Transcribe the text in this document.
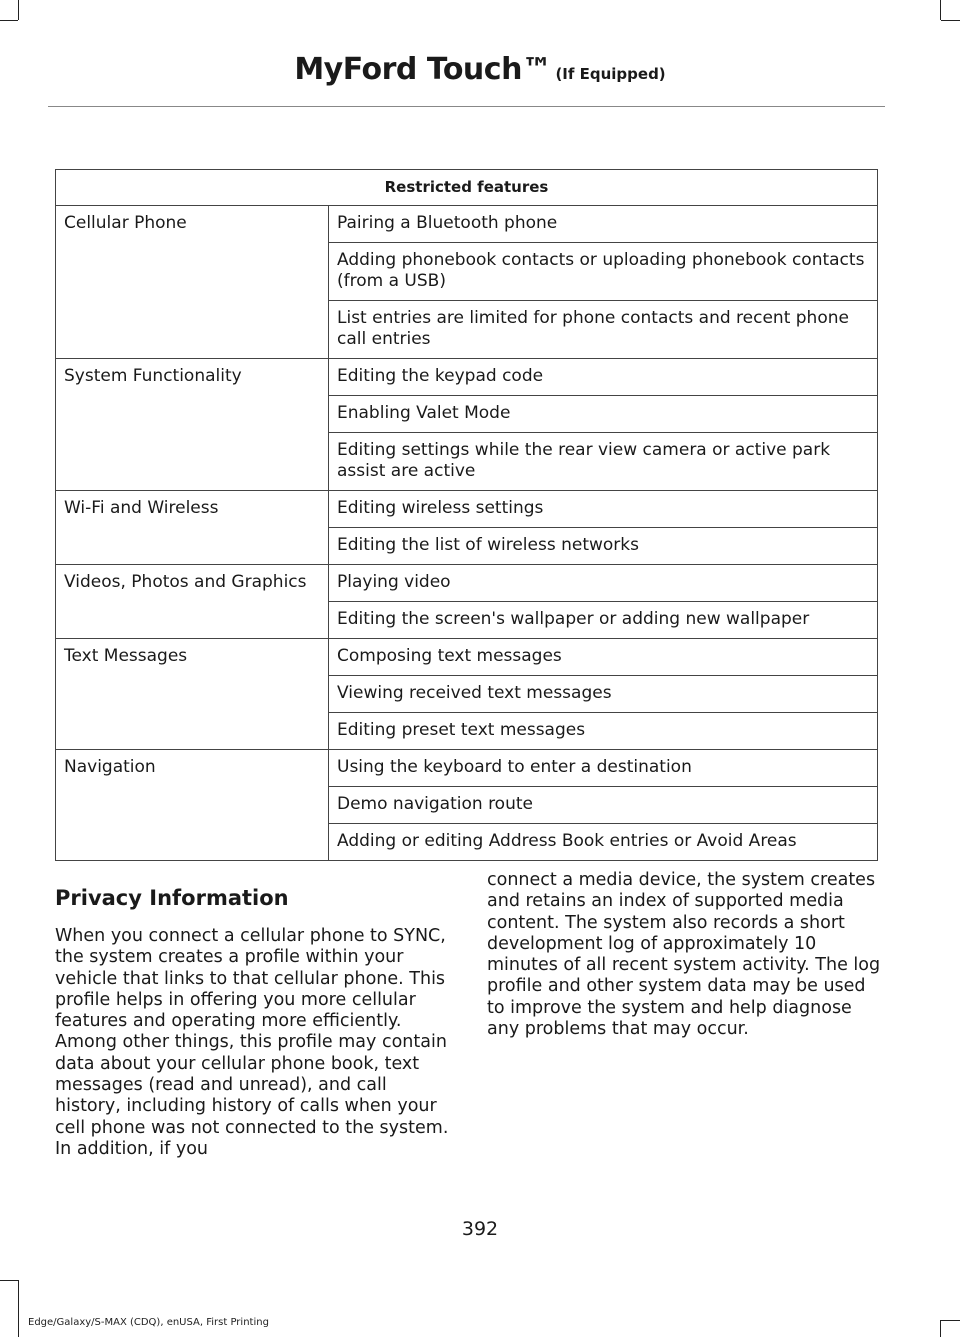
MyFord Touch™ (If Equipped)
Restricted features	
Cellular Phone	Pairing a Bluetooth phone
	Adding phonebook contacts or uploading phonebook contacts (from a USB)
	List entries are limited for phone contacts and recent phone call entries
System Functionality	Editing the keypad code
	Enabling Valet Mode
	Editing settings while the rear view camera or active park assist are active
Wi-Fi and Wireless	Editing wireless settings
	Editing the list of wireless networks
Videos, Photos and Graphics	Playing video
	Editing the screen's wallpaper or adding new wallpaper
Text Messages	Composing text messages
	Viewing received text messages
	Editing preset text messages
Navigation	Using the keyboard to enter a destination
	Demo navigation route
	Adding or editing Address Book entries or Avoid Areas
Privacy Information

When you connect a cellular phone to SYNC, the system creates a profile within your vehicle that links to that cellular phone. This profile helps in offering you more cellular features and operating more efficiently. Among other things, this profile may contain data about your cellular phone book, text messages (read and unread), and call history, including history of calls when your cell phone was not connected to the system. In addition, if you

connect a media device, the system creates and retains an index of supported media content. The system also records a short development log of approximately 10 minutes of all recent system activity. The log profile and other system data may be used to improve the system and help diagnose any problems that may occur.

392
Edge/Galaxy/S-MAX (CDQ), enUSA, First Printing
